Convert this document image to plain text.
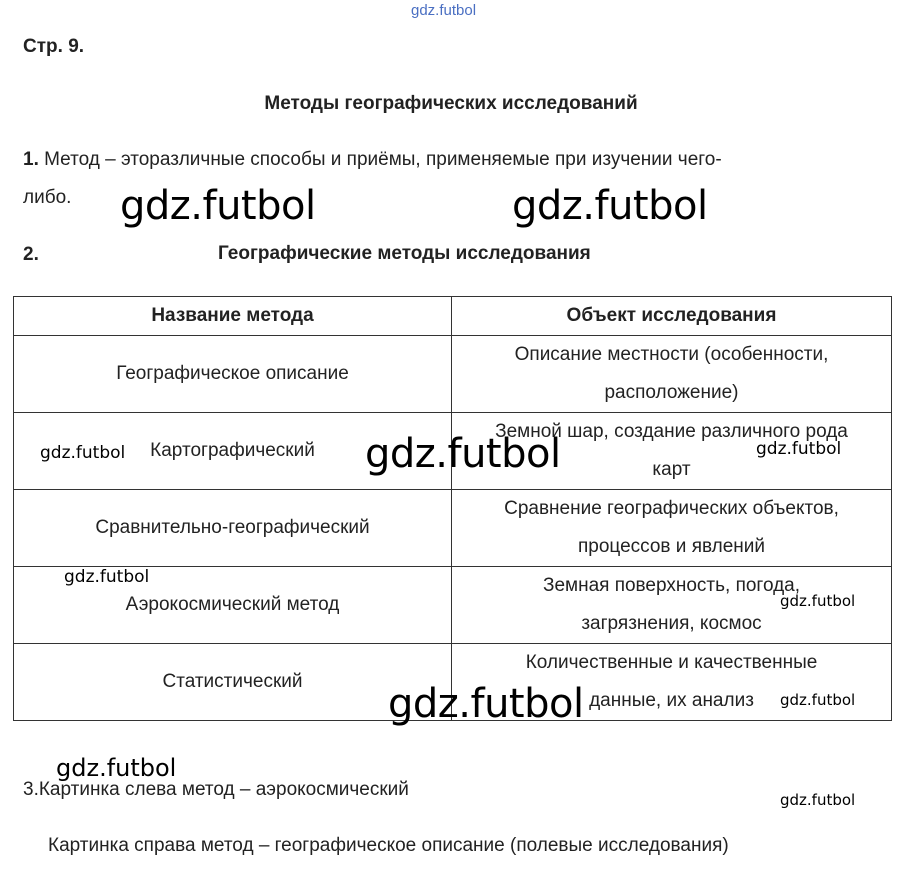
gdz.futbol
Стр. 9.
Методы географических исследований
1. Метод – эторазличные способы и приёмы, применяемые при изучении чего-
либо.
2.	Географические методы исследования
Название метода	Объект исследования
Географическое описание	Описание местности (особенности,
расположение)

Картографический	Земной шар, создание различного рода
карт

Сравнительно-географический	Сравнение географических объектов,
процессов и явлений

Аэрокосмический метод	Земная поверхность, погода,
загрязнения, космос

Статистический	Количественные и качественные
данные, их анализ
3.Картинка слева метод – аэрокосмический
Картинка справа метод – географическое описание (полевые исследования)
gdz.futbol	gdz.futbol
gdz.futbol	gdz.futbol	gdz.futbol
gdz.futbol
gdz.futbol
gdz.futbol	gdz.futbol
gdz.futbol
gdz.futbol
